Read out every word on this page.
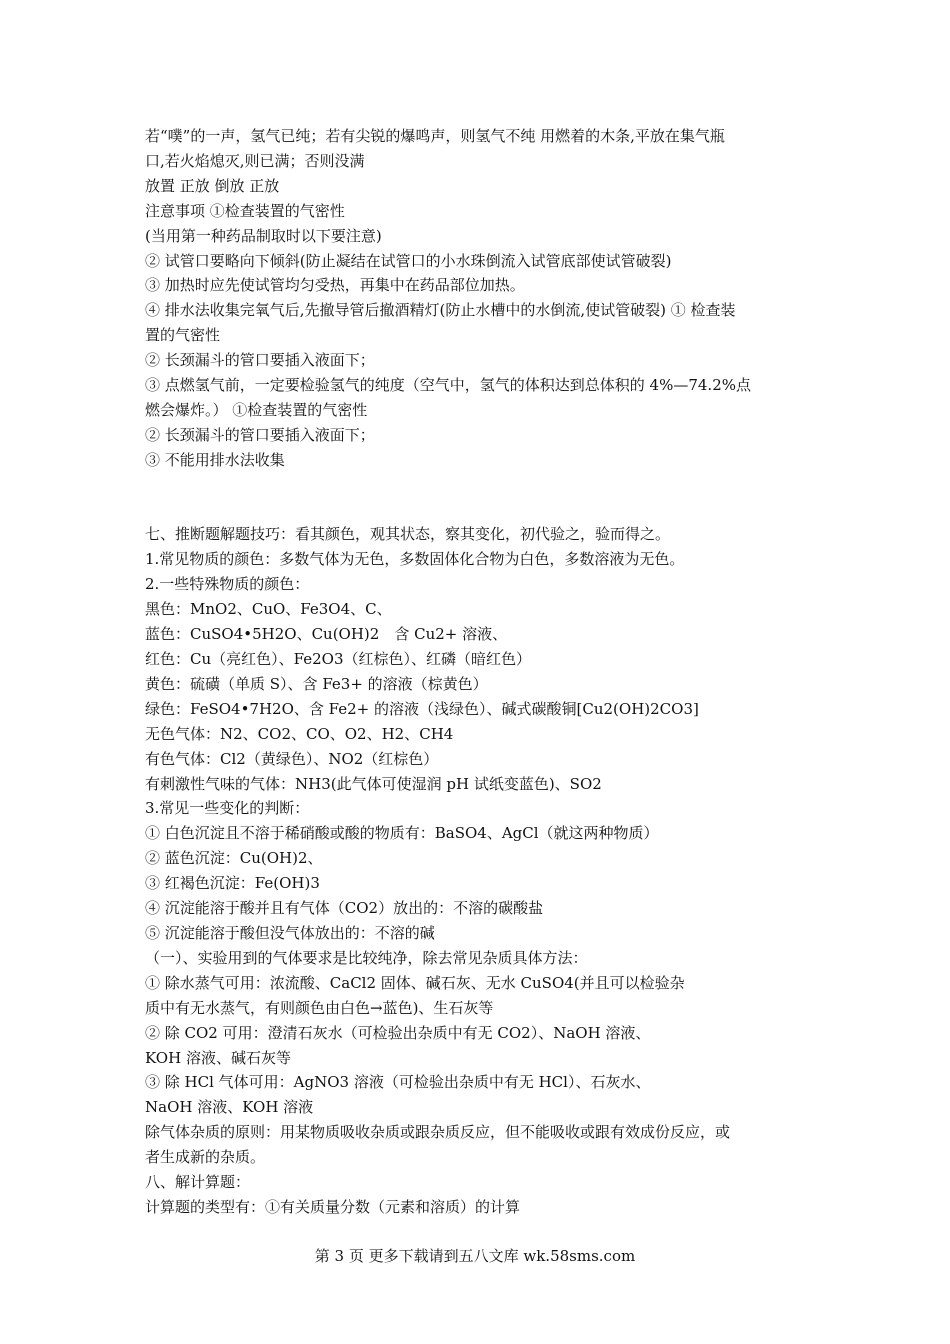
若“噗”的一声，氢气已纯；若有尖锐的爆鸣声，则氢气不纯 用燃着的木条,平放在集气瓶
口,若火焰熄灭,则已满；否则没满
放置 正放 倒放 正放
注意事项 ①检查装置的气密性
(当用第一种药品制取时以下要注意)
② 试管口要略向下倾斜(防止凝结在试管口的小水珠倒流入试管底部使试管破裂)
③ 加热时应先使试管均匀受热，再集中在药品部位加热。
④ 排水法收集完氧气后,先撤导管后撤酒精灯(防止水槽中的水倒流,使试管破裂) ① 检查装
置的气密性
② 长颈漏斗的管口要插入液面下；
③ 点燃氢气前，一定要检验氢气的纯度（空气中，氢气的体积达到总体积的 4%—74.2%点
燃会爆炸。） ①检查装置的气密性
② 长颈漏斗的管口要插入液面下；
③ 不能用排水法收集
七、推断题解题技巧：看其颜色，观其状态，察其变化，初代验之，验而得之。
1.常见物质的颜色：多数气体为无色，多数固体化合物为白色，多数溶液为无色。
2.一些特殊物质的颜色：
黑色：MnO2、CuO、Fe3O4、C、
蓝色：CuSO4•5H2O、Cu(OH)2　含 Cu2+ 溶液、
红色：Cu（亮红色）、Fe2O3（红棕色）、红磷（暗红色）
黄色：硫磺（单质 S）、含 Fe3+ 的溶液（棕黄色）
绿色：FeSO4•7H2O、含 Fe2+ 的溶液（浅绿色）、碱式碳酸铜[Cu2(OH)2CO3]
无色气体：N2、CO2、CO、O2、H2、CH4
有色气体：Cl2（黄绿色）、NO2（红棕色）
有刺激性气味的气体：NH3(此气体可使湿润 pH 试纸变蓝色)、SO2
3.常见一些变化的判断：
① 白色沉淀且不溶于稀硝酸或酸的物质有：BaSO4、AgCl（就这两种物质）
② 蓝色沉淀：Cu(OH)2、
③ 红褐色沉淀：Fe(OH)3
④ 沉淀能溶于酸并且有气体（CO2）放出的：不溶的碳酸盐
⑤ 沉淀能溶于酸但没气体放出的：不溶的碱
（一）、实验用到的气体要求是比较纯净，除去常见杂质具体方法：
① 除水蒸气可用：浓流酸、CaCl2 固体、碱石灰、无水 CuSO4(并且可以检验杂
质中有无水蒸气，有则颜色由白色→蓝色)、生石灰等
② 除 CO2 可用：澄清石灰水（可检验出杂质中有无 CO2）、NaOH 溶液、
KOH 溶液、碱石灰等
③ 除 HCl 气体可用：AgNO3 溶液（可检验出杂质中有无 HCl）、石灰水、
NaOH 溶液、KOH 溶液
除气体杂质的原则：用某物质吸收杂质或跟杂质反应，但不能吸收或跟有效成份反应，或
者生成新的杂质。
八、解计算题：
计算题的类型有：①有关质量分数（元素和溶质）的计算
第 3 页 更多下载请到五八文库 wk.58sms.com
